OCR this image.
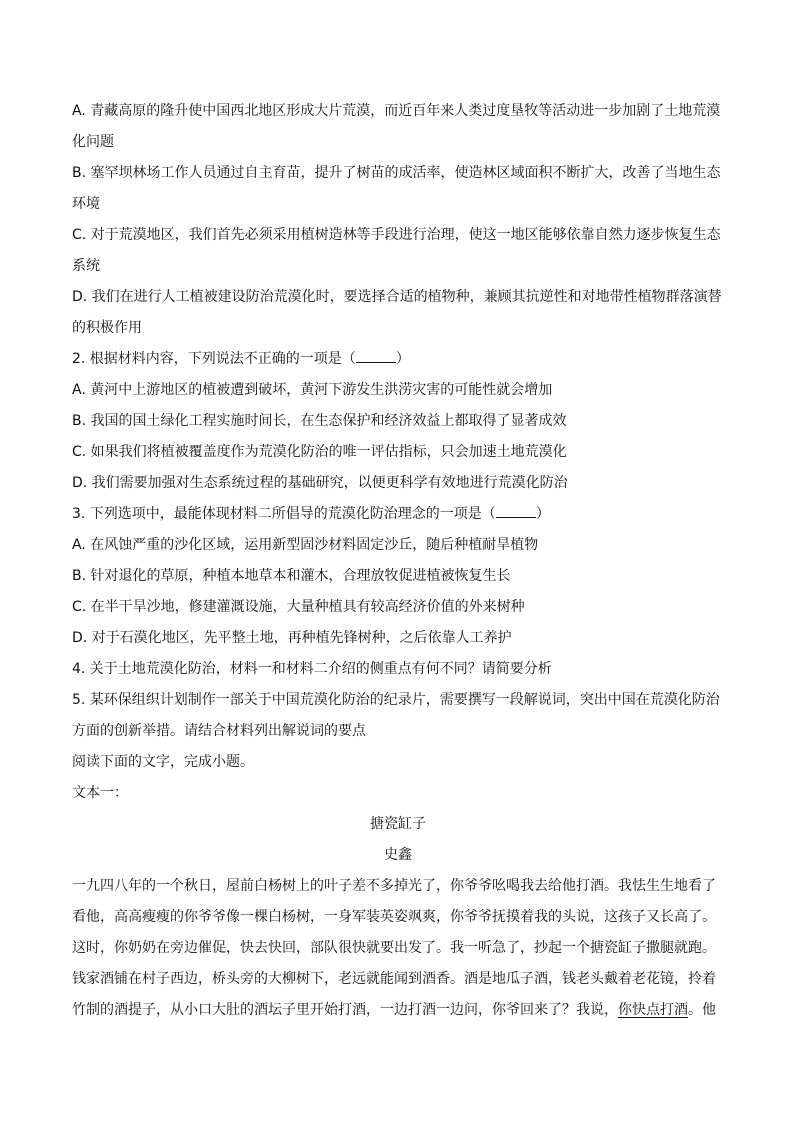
A. 青藏高原的隆升使中国西北地区形成大片荒漠，而近百年来人类过度垦牧等活动进一步加剧了土地荒漠
化问题
B. 塞罕坝林场工作人员通过自主育苗，提升了树苗的成活率，使造林区域面积不断扩大，改善了当地生态
环境
C. 对于荒漠地区，我们首先必须采用植树造林等手段进行治理，使这一地区能够依靠自然力逐步恢复生态
系统
D. 我们在进行人工植被建设防治荒漠化时，要选择合适的植物种，兼顾其抗逆性和对地带性植物群落演替
的积极作用
2. 根据材料内容，下列说法不正确的一项是（	）
A. 黄河中上游地区的植被遭到破坏，黄河下游发生洪涝灾害的可能性就会增加
B. 我国的国土绿化工程实施时间长，在生态保护和经济效益上都取得了显著成效
C. 如果我们将植被覆盖度作为荒漠化防治的唯一评估指标，只会加速土地荒漠化
D. 我们需要加强对生态系统过程的基础研究，以便更科学有效地进行荒漠化防治
3. 下列选项中，最能体现材料二所倡导的荒漠化防治理念的一项是（	）
A. 在风蚀严重的沙化区域，运用新型固沙材料固定沙丘，随后种植耐旱植物
B. 针对退化的草原，种植本地草本和灌木，合理放牧促进植被恢复生长
C. 在半干旱沙地，修建灌溉设施，大量种植具有较高经济价值的外来树种
D. 对于石漠化地区，先平整土地，再种植先锋树种，之后依靠人工养护
4. 关于土地荒漠化防治，材料一和材料二介绍的侧重点有何不同？请简要分析
5. 某环保组织计划制作一部关于中国荒漠化防治的纪录片，需要撰写一段解说词，突出中国在荒漠化防治
方面的创新举措。请结合材料列出解说词的要点
阅读下面的文字，完成小题。
文本一：
搪瓷缸子
史鑫
一九四八年的一个秋日，屋前白杨树上的叶子差不多掉光了，你爷爷吆喝我去给他打酒。我怯生生地看了
看他，高高瘦瘦的你爷爷像一棵白杨树，一身军装英姿飒爽，你爷爷抚摸着我的头说，这孩子又长高了。
这时，你奶奶在旁边催促，快去快回，部队很快就要出发了。我一听急了，抄起一个搪瓷缸子撒腿就跑。
钱家酒铺在村子西边，桥头旁的大柳树下，老远就能闻到酒香。酒是地瓜子酒，钱老头戴着老花镜，拎着
竹制的酒提子，从小口大肚的酒坛子里开始打酒，一边打酒一边问，你爷回来了？我说，你快点打酒。他
